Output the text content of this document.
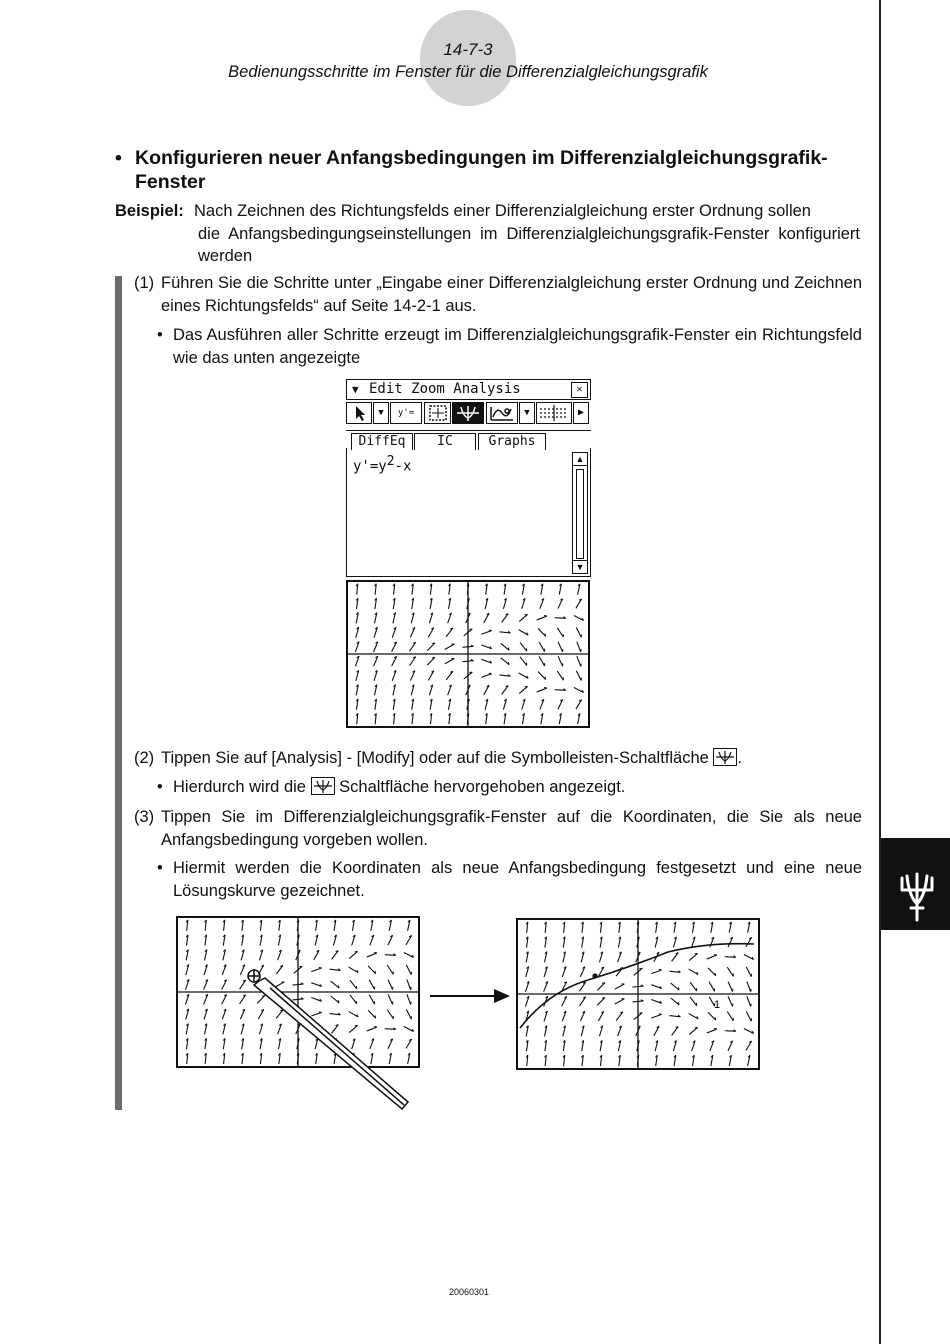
14-7-3
Bedienungsschritte im Fenster für die Differenzialgleichungsgrafik
• Konfigurieren neuer Anfangsbedingungen im Differenzialgleichungsgrafik-Fenster
Beispiel: Nach Zeichnen des Richtungsfelds einer Differenzialgleichung erster Ordnung sollen
die Anfangsbedingungseinstellungen im Differenzialgleichungsgrafik-Fenster konfiguriert werden
(1) Führen Sie die Schritte unter „Eingabe einer Differenzialgleichung erster Ordnung und Zeichnen eines Richtungsfelds“ auf Seite 14-2-1 aus.
• Das Ausführen aller Schritte erzeugt im Differenzialgleichungsgrafik-Fenster ein Richtungsfeld wie das unten angezeigte
▼ Edit Zoom Analysis	✕
▼	y'=	▼	▶
DiffEq	IC	Graphs
$y'=y^2-x$	▲
▼
(2) Tippen Sie auf [Analysis] - [Modify] oder auf die Symbolleisten-Schaltfläche .
• Hierdurch wird die Schaltfläche hervorgehoben angezeigt.
(3) Tippen Sie im Differenzialgleichungsgrafik-Fenster auf die Koordinaten, die Sie als neue Anfangsbedingung vorgeben wollen.
• Hiermit werden die Koordinaten als neue Anfangsbedingung festgesetzt und eine neue Lösungskurve gezeichnet.
1
20060301
